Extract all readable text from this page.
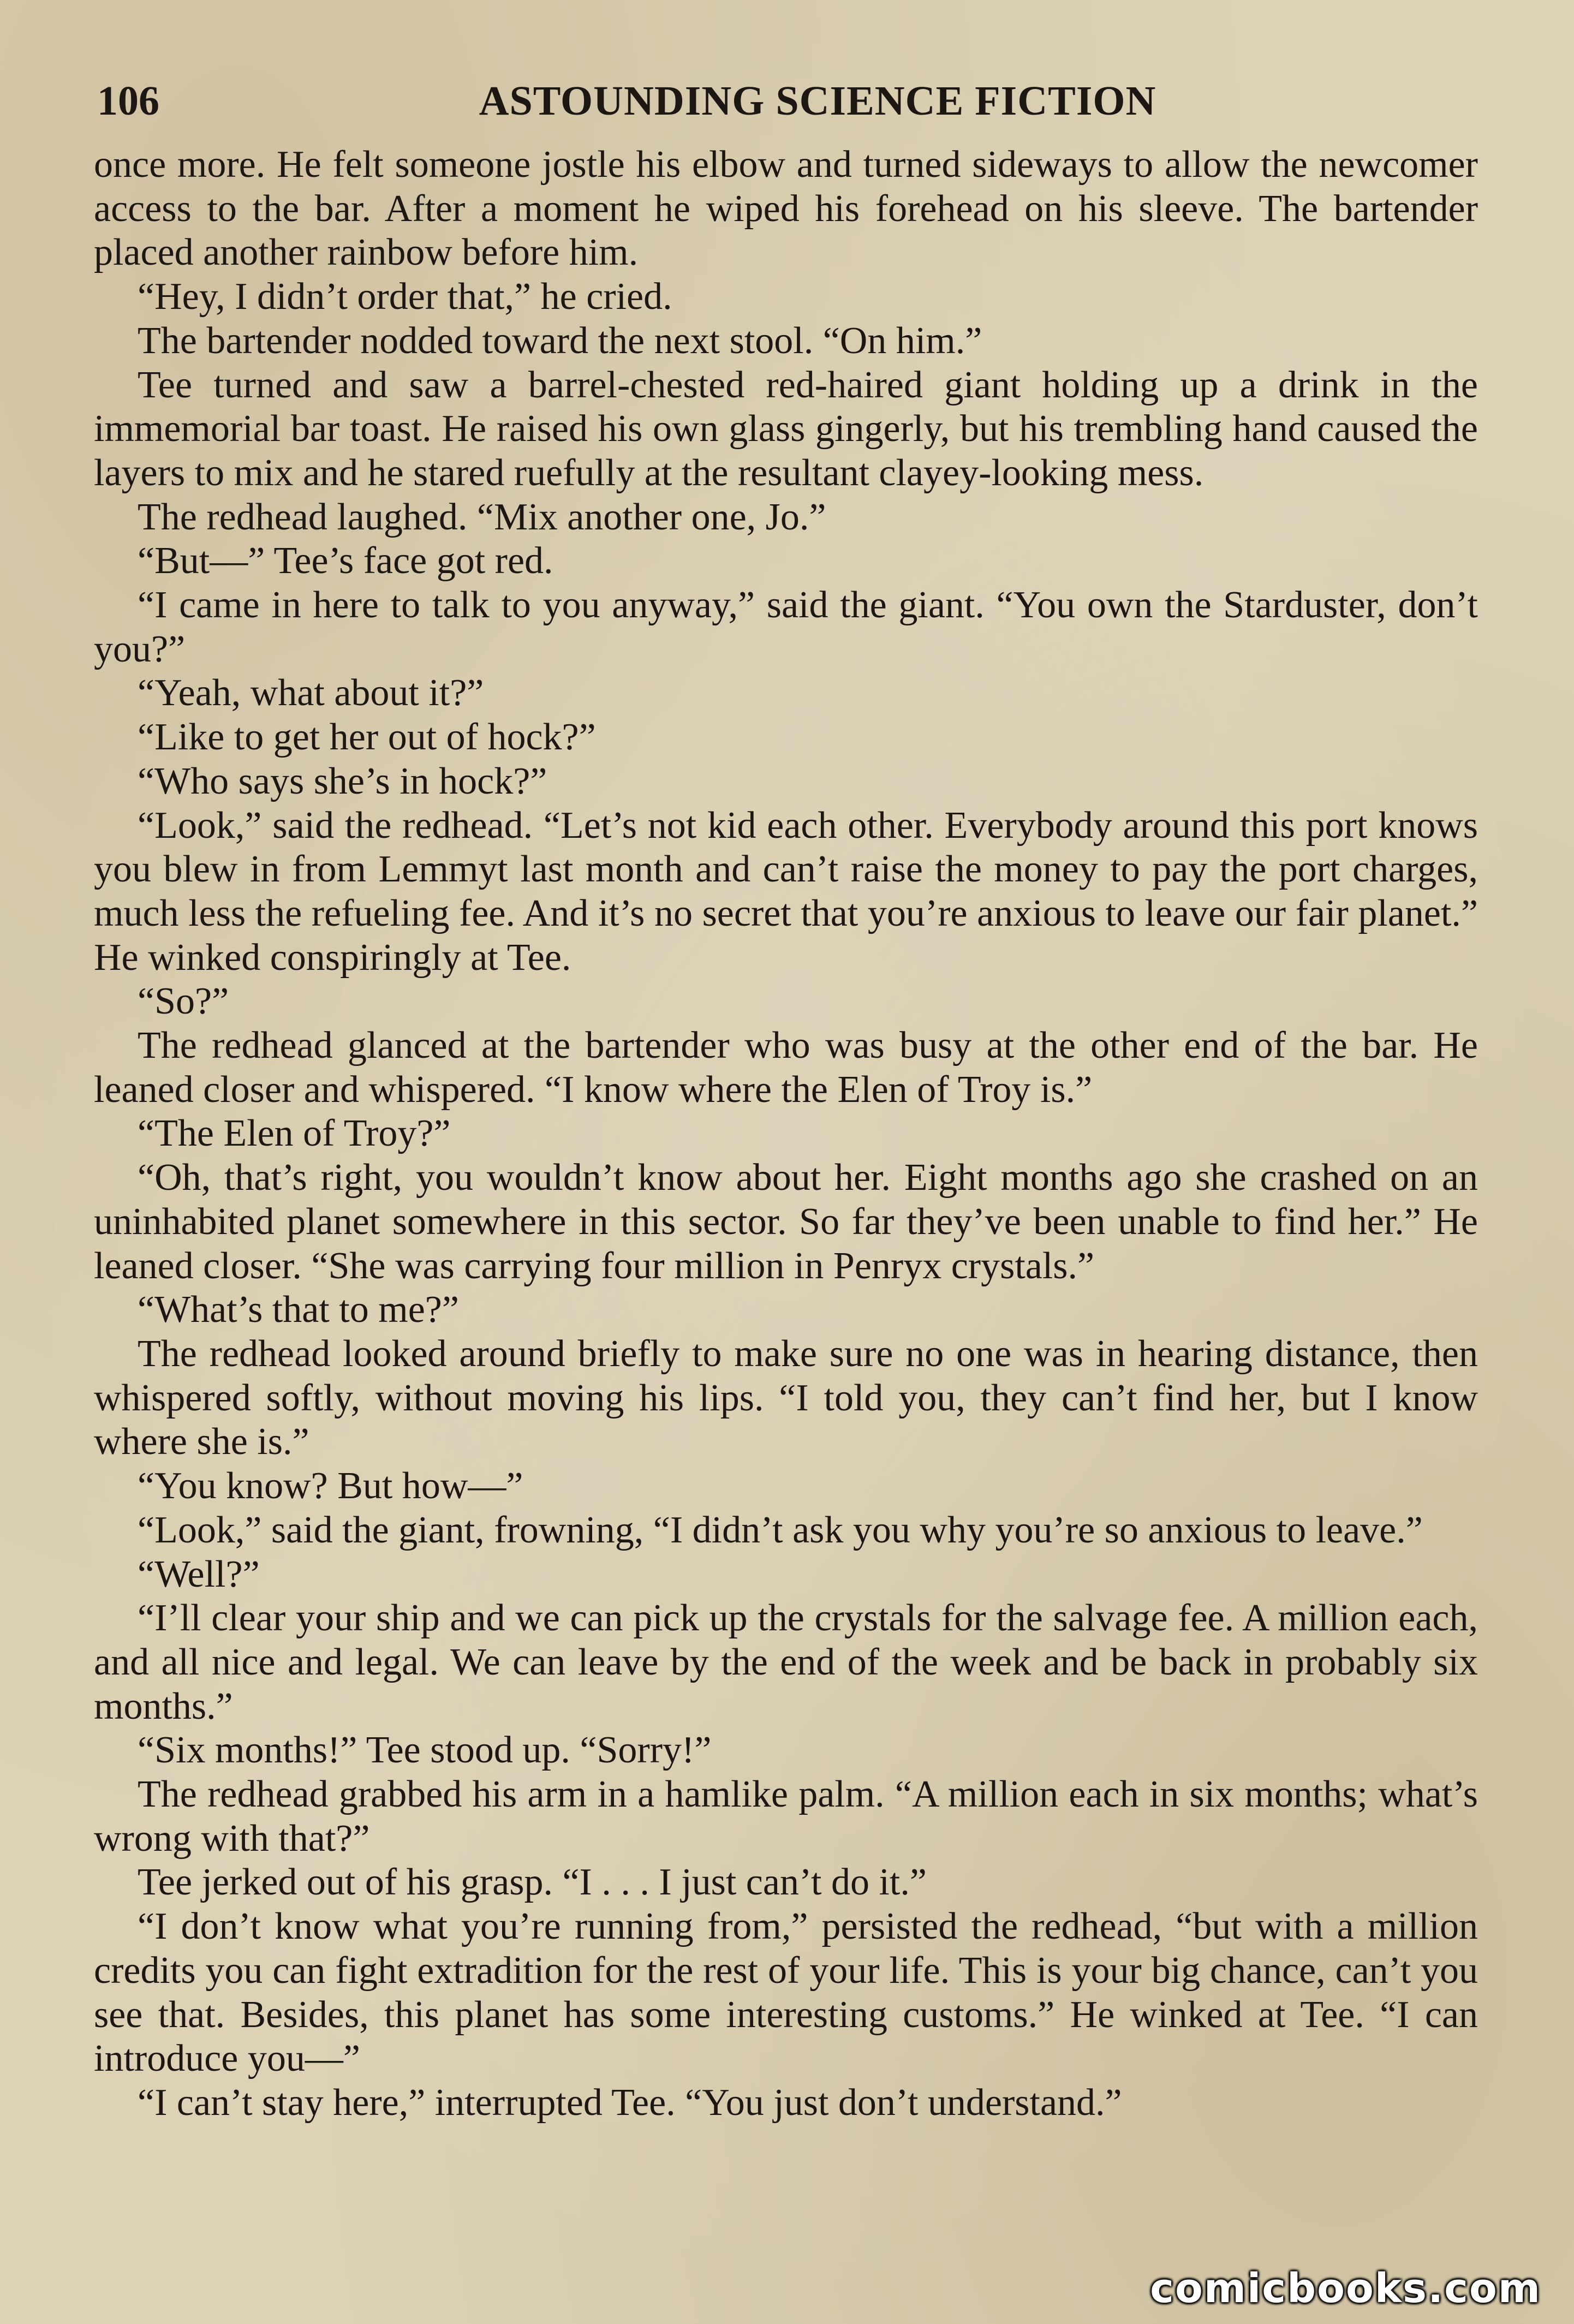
106	ASTOUNDING SCIENCE FICTION

once more. He felt someone jostle his elbow and turned sideways to allow the newcomer access to the bar. After a moment he wiped his forehead on his sleeve. The bartender placed another rainbow before him.

“Hey, I didn’t order that,” he cried.

The bartender nodded toward the next stool. “On him.”

Tee turned and saw a barrel-chested red-haired giant holding up a drink in the immemorial bar toast. He raised his own glass gingerly, but his trembling hand caused the layers to mix and he stared ruefully at the resultant clayey-looking mess.

The redhead laughed. “Mix another one, Jo.”

“But—” Tee’s face got red.

“I came in here to talk to you anyway,” said the giant. “You own the Starduster, don’t you?”

“Yeah, what about it?”

“Like to get her out of hock?”

“Who says she’s in hock?”

“Look,” said the redhead. “Let’s not kid each other. Everybody around this port knows you blew in from Lemmyt last month and can’t raise the money to pay the port charges, much less the refueling fee. And it’s no secret that you’re anxious to leave our fair planet.” He winked conspiringly at Tee.

“So?”

The redhead glanced at the bartender who was busy at the other end of the bar. He leaned closer and whispered. “I know where the Elen of Troy is.”

“The Elen of Troy?”

“Oh, that’s right, you wouldn’t know about her. Eight months ago she crashed on an uninhabited planet somewhere in this sector. So far they’ve been unable to find her.” He leaned closer. “She was carrying four million in Penryx crystals.”

“What’s that to me?”

The redhead looked around briefly to make sure no one was in hearing distance, then whispered softly, without moving his lips. “I told you, they can’t find her, but I know where she is.”

“You know? But how—”

“Look,” said the giant, frowning, “I didn’t ask you why you’re so anxious to leave.”

“Well?”

“I’ll clear your ship and we can pick up the crystals for the salvage fee. A million each, and all nice and legal. We can leave by the end of the week and be back in probably six months.”

“Six months!” Tee stood up. “Sorry!”

The redhead grabbed his arm in a hamlike palm. “A million each in six months; what’s wrong with that?”

Tee jerked out of his grasp. “I . . . I just can’t do it.”

“I don’t know what you’re running from,” persisted the redhead, “but with a million credits you can fight extradition for the rest of your life. This is your big chance, can’t you see that. Besides, this planet has some interesting customs.” He winked at Tee. “I can introduce you—”

“I can’t stay here,” interrupted Tee. “You just don’t understand.”

comicbooks.com
